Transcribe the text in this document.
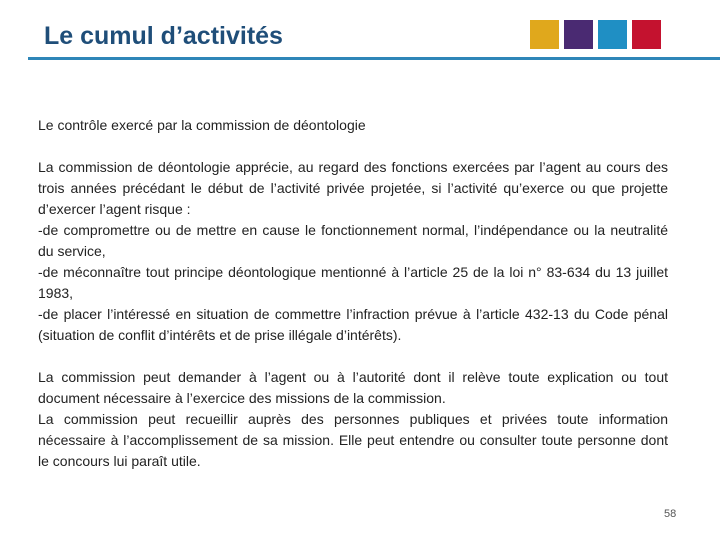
Le cumul d’activités

Le contrôle exercé par la commission de déontologie

La commission de déontologie apprécie, au regard des fonctions exercées par l’agent au cours des trois années précédant le début de l’activité privée projetée, si l’activité qu’exerce ou que projette d’exercer l’agent risque :

-de compromettre ou de mettre en cause le fonctionnement normal, l’indépendance ou la neutralité du service,

-de méconnaître tout principe déontologique mentionné à l’article 25 de la loi n° 83-634 du 13 juillet 1983,

-de placer l’intéressé en situation de commettre l’infraction prévue à l’article 432-13 du Code pénal (situation de conflit d’intérêts et de prise illégale d’intérêts).

La commission peut demander à l’agent ou à l’autorité dont il relève toute explication ou tout document nécessaire à l’exercice des missions de la commission.

La commission peut recueillir auprès des personnes publiques et privées toute information nécessaire à l’accomplissement de sa mission. Elle peut entendre ou consulter toute personne dont le concours lui paraît utile.

58
